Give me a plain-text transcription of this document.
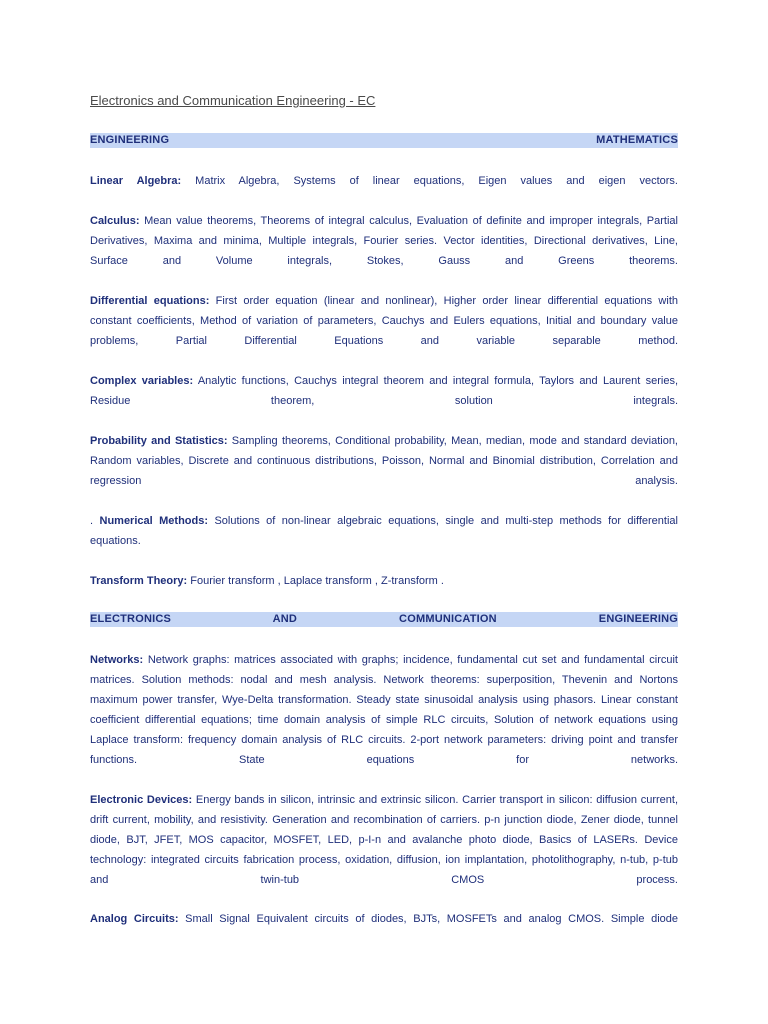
Electronics and Communication Engineering - EC
ENGINEERING MATHEMATICS
Linear Algebra: Matrix Algebra, Systems of linear equations, Eigen values and eigen vectors.
Calculus: Mean value theorems, Theorems of integral calculus, Evaluation of definite and improper integrals, Partial Derivatives, Maxima and minima, Multiple integrals, Fourier series. Vector identities, Directional derivatives, Line, Surface and Volume integrals, Stokes, Gauss and Greens theorems.
Differential equations: First order equation (linear and nonlinear), Higher order linear differential equations with constant coefficients, Method of variation of parameters, Cauchys and Eulers equations, Initial and boundary value problems, Partial Differential Equations and variable separable method.
Complex variables: Analytic functions, Cauchys integral theorem and integral formula, Taylors and Laurent series, Residue theorem, solution integrals.
Probability and Statistics: Sampling theorems, Conditional probability, Mean, median, mode and standard deviation, Random variables, Discrete and continuous distributions, Poisson, Normal and Binomial distribution, Correlation and regression analysis.
. Numerical Methods: Solutions of non-linear algebraic equations, single and multi-step methods for differential equations.
Transform Theory: Fourier transform , Laplace transform , Z-transform .
ELECTRONICS AND COMMUNICATION ENGINEERING
Networks: Network graphs: matrices associated with graphs; incidence, fundamental cut set and fundamental circuit matrices. Solution methods: nodal and mesh analysis. Network theorems: superposition, Thevenin and Nortons maximum power transfer, Wye-Delta transformation. Steady state sinusoidal analysis using phasors. Linear constant coefficient differential equations; time domain analysis of simple RLC circuits, Solution of network equations using Laplace transform: frequency domain analysis of RLC circuits. 2-port network parameters: driving point and transfer functions. State equations for networks.
Electronic Devices: Energy bands in silicon, intrinsic and extrinsic silicon. Carrier transport in silicon: diffusion current, drift current, mobility, and resistivity. Generation and recombination of carriers. p-n junction diode, Zener diode, tunnel diode, BJT, JFET, MOS capacitor, MOSFET, LED, p-I-n and avalanche photo diode, Basics of LASERs. Device technology: integrated circuits fabrication process, oxidation, diffusion, ion implantation, photolithography, n-tub, p-tub and twin-tub CMOS process.
Analog Circuits: Small Signal Equivalent circuits of diodes, BJTs, MOSFETs and analog CMOS. Simple diode
